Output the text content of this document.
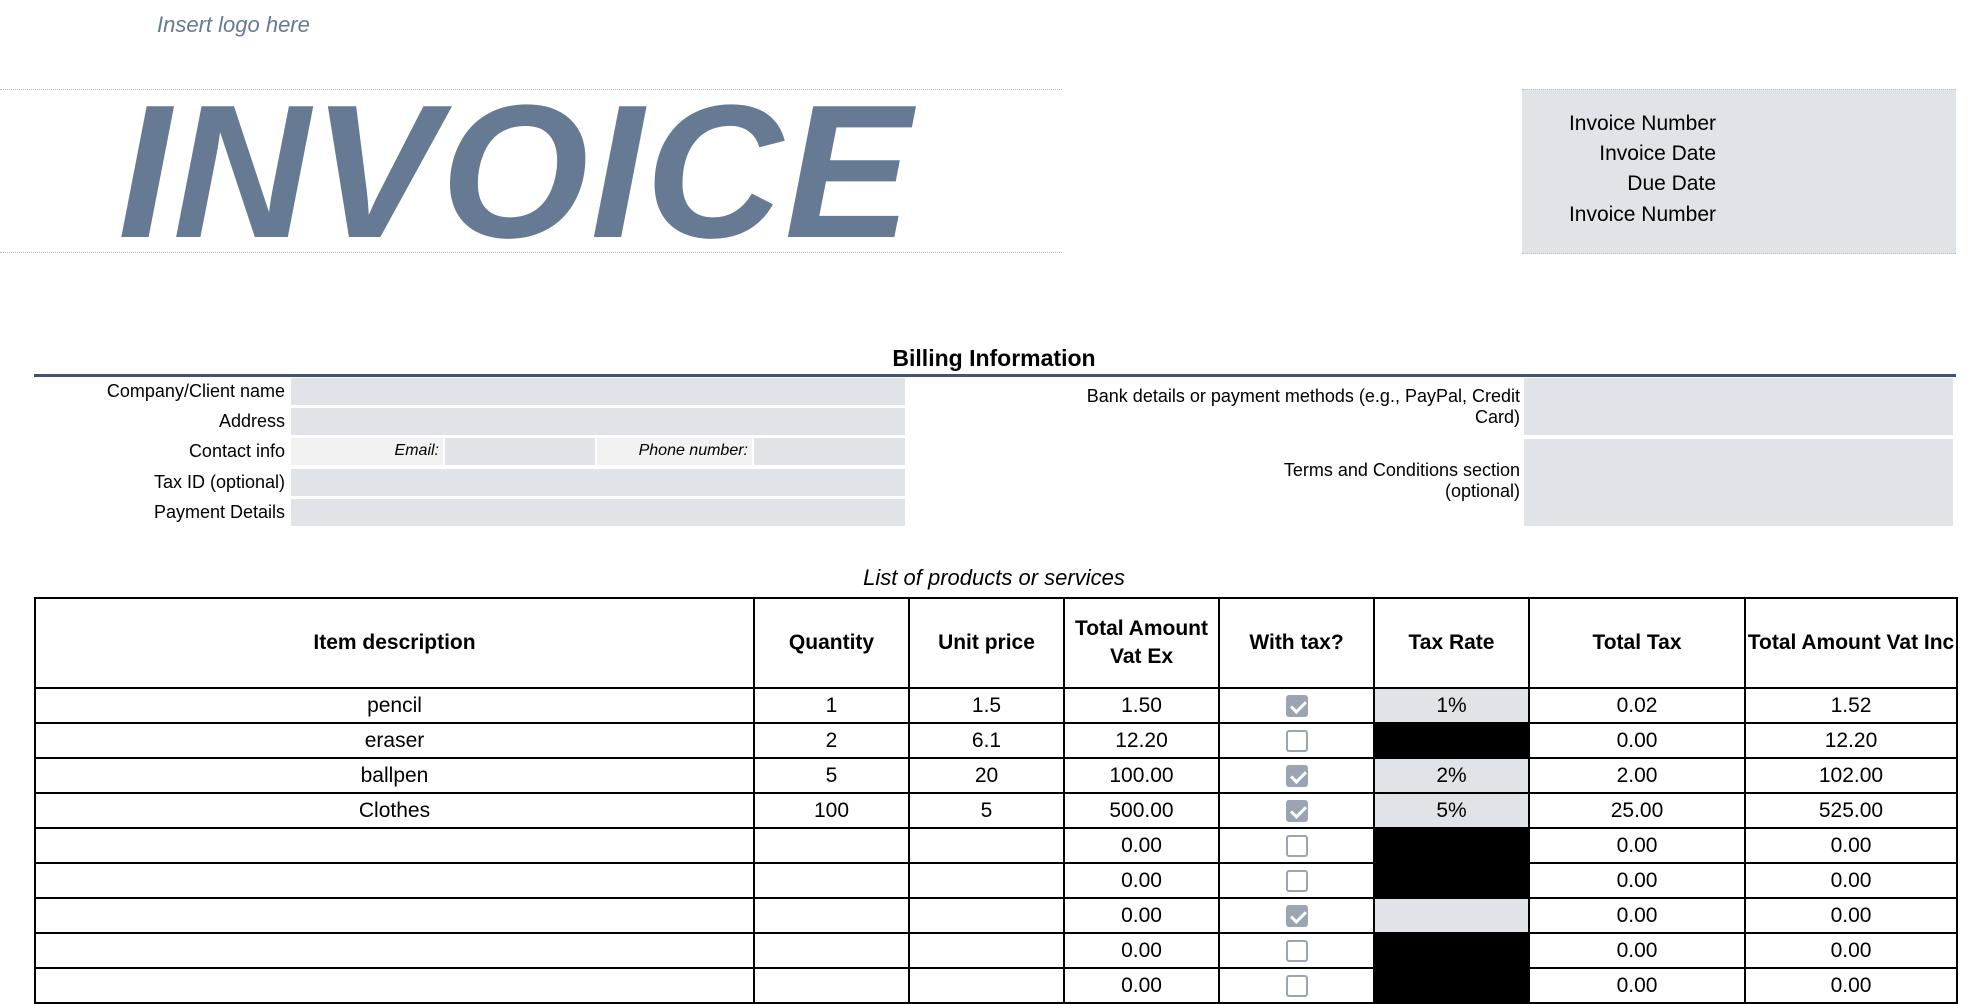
Insert logo here
INVOICE	Invoice Number
Invoice Date
Due Date
Invoice Number
Billing Information
Company/Client name
Address
Contact info	Email:	Phone number:
Tax ID (optional)
Payment Details
Bank details or payment methods (e.g., PayPal, Credit Card)
Terms and Conditions section (optional)
List of products or services
Item description	Quantity	Unit price	Total Amount Vat Ex	With tax?	Tax Rate	Total Tax	Total Amount Vat Inc
pencil	1	1.5	1.50		1%	0.02	1.52
eraser	2	6.1	12.20			0.00	12.20
ballpen	5	20	100.00		2%	2.00	102.00
Clothes	100	5	500.00		5%	25.00	525.00
			0.00			0.00	0.00
			0.00			0.00	0.00
			0.00			0.00	0.00
			0.00			0.00	0.00
			0.00			0.00	0.00
